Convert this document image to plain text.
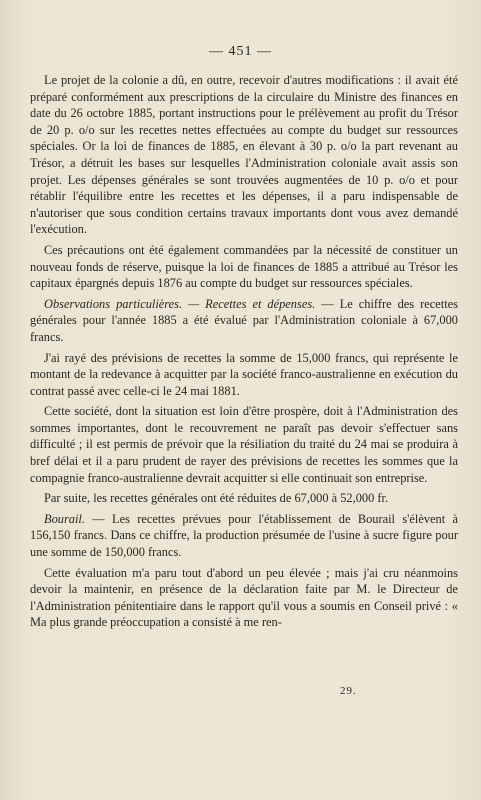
— 451 —

Le projet de la colonie a dû, en outre, recevoir d'autres modifications : il avait été préparé conformément aux prescriptions de la circulaire du Ministre des finances en date du 26 octobre 1885, portant instructions pour le prélèvement au profit du Trésor de 20 p. o/o sur les recettes nettes effectuées au compte du budget sur ressources spéciales. Or la loi de finances de 1885, en élevant à 30 p. o/o la part revenant au Trésor, a détruit les bases sur lesquelles l'Administration coloniale avait assis son projet. Les dépenses générales se sont trouvées augmentées de 10 p. o/o et pour rétablir l'équilibre entre les recettes et les dépenses, il a paru indispensable de n'autoriser que sous condition certains travaux importants dont vous avez demandé l'exécution.

Ces précautions ont été également commandées par la nécessité de constituer un nouveau fonds de réserve, puisque la loi de finances de 1885 a attribué au Trésor les capitaux épargnés depuis 1876 au compte du budget sur ressources spéciales.

Observations particulières. — Recettes et dépenses. — Le chiffre des recettes générales pour l'année 1885 a été évalué par l'Administration coloniale à 67,000 francs.

J'ai rayé des prévisions de recettes la somme de 15,000 francs, qui représente le montant de la redevance à acquitter par la société franco-australienne en exécution du contrat passé avec celle-ci le 24 mai 1881.

Cette société, dont la situation est loin d'être prospère, doit à l'Administration des sommes importantes, dont le recouvrement ne paraît pas devoir s'effectuer sans difficulté ; il est permis de prévoir que la résiliation du traité du 24 mai se produira à bref délai et il a paru prudent de rayer des prévisions de recettes les sommes que la compagnie franco-australienne devrait acquitter si elle continuait son entreprise.

Par suite, les recettes générales ont été réduites de 67,000 à 52,000 fr.

Bourail. — Les recettes prévues pour l'établissement de Bourail s'élèvent à 156,150 francs. Dans ce chiffre, la production présumée de l'usine à sucre figure pour une somme de 150,000 francs.

Cette évaluation m'a paru tout d'abord un peu élevée ; mais j'ai cru néanmoins devoir la maintenir, en présence de la déclaration faite par M. le Directeur de l'Administration pénitentiaire dans le rapport qu'il vous a soumis en Conseil privé : « Ma plus grande préoccupation a consisté à me ren-

29.
